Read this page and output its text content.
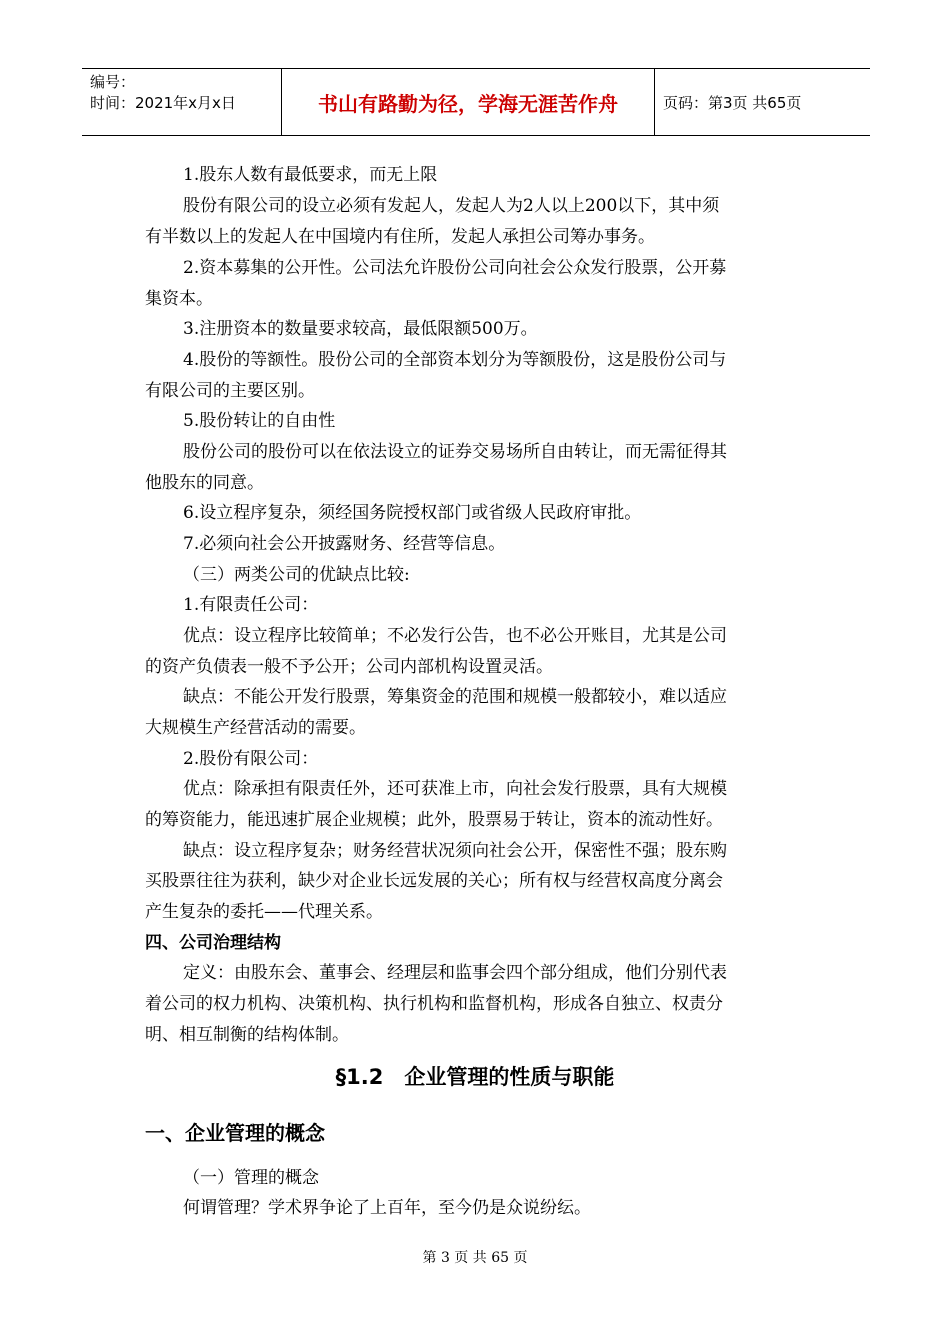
编号：
时间：2021年x月x日	书山有路勤为径，学海无涯苦作舟	页码：第3页 共65页
1.股东人数有最低要求，而无上限
股份有限公司的设立必须有发起人，发起人为2人以上200以下，其中须
有半数以上的发起人在中国境内有住所，发起人承担公司筹办事务。
2.资本募集的公开性。公司法允许股份公司向社会公众发行股票，公开募
集资本。
3.注册资本的数量要求较高，最低限额500万。
4.股份的等额性。股份公司的全部资本划分为等额股份，这是股份公司与
有限公司的主要区别。
5.股份转让的自由性
股份公司的股份可以在依法设立的证券交易场所自由转让，而无需征得其
他股东的同意。
6.设立程序复杂，须经国务院授权部门或省级人民政府审批。
7.必须向社会公开披露财务、经营等信息。
（三）两类公司的优缺点比较:
1.有限责任公司：
优点：设立程序比较简单；不必发行公告，也不必公开账目，尤其是公司
的资产负债表一般不予公开；公司内部机构设置灵活。
缺点：不能公开发行股票，筹集资金的范围和规模一般都较小，难以适应
大规模生产经营活动的需要。
2.股份有限公司：
优点：除承担有限责任外，还可获准上市，向社会发行股票，具有大规模
的筹资能力，能迅速扩展企业规模；此外，股票易于转让，资本的流动性好。
缺点：设立程序复杂；财务经营状况须向社会公开，保密性不强；股东购
买股票往往为获利，缺少对企业长远发展的关心；所有权与经营权高度分离会
产生复杂的委托——代理关系。
四、公司治理结构
定义：由股东会、董事会、经理层和监事会四个部分组成，他们分别代表
着公司的权力机构、决策机构、执行机构和监督机构，形成各自独立、权责分
明、相互制衡的结构体制。
§1.2　企业管理的性质与职能
一、企业管理的概念
（一）管理的概念
何谓管理？学术界争论了上百年，至今仍是众说纷纭。
第 3 页 共 65 页
